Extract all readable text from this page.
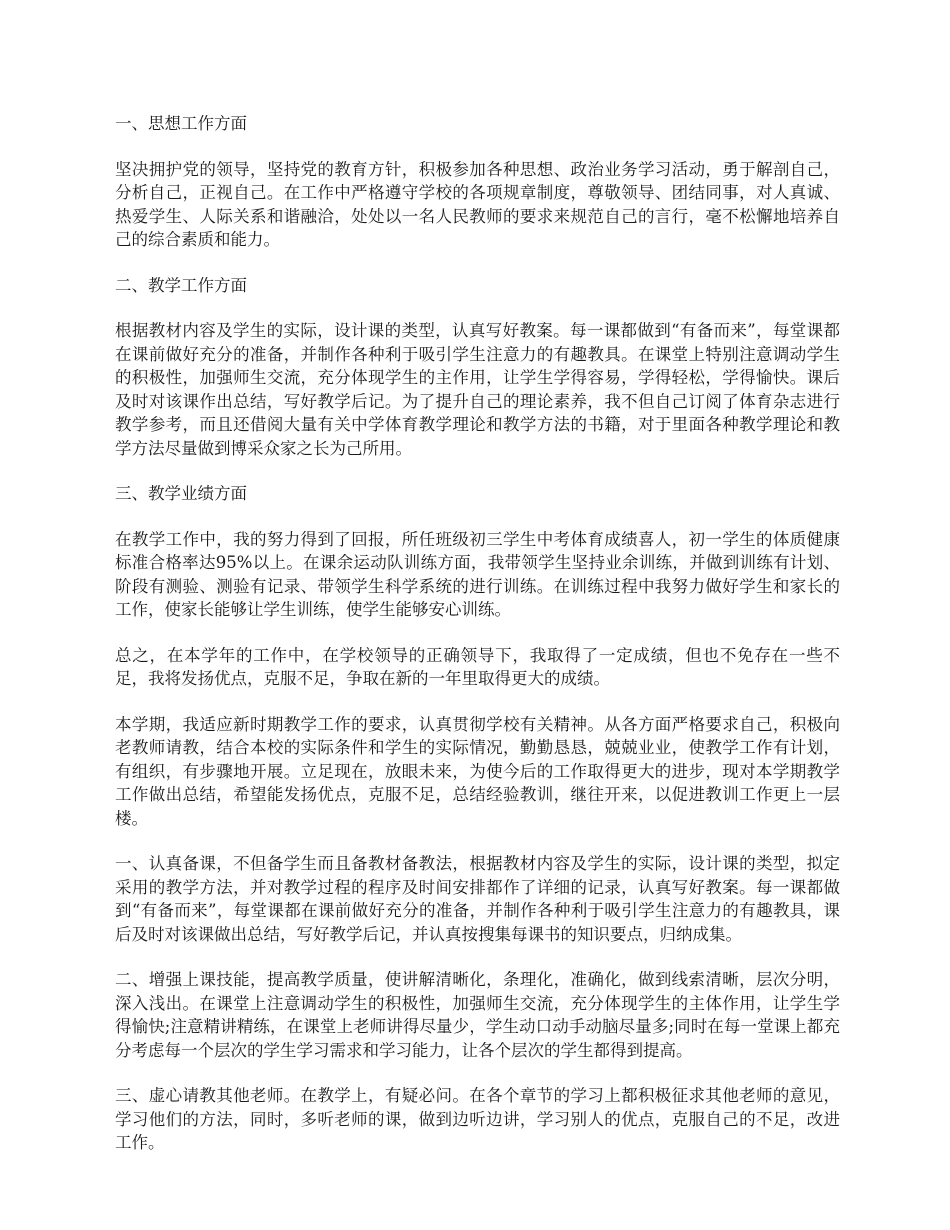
一、思想工作方面

坚决拥护党的领导，坚持党的教育方针，积极参加各种思想、政治业务学习活动，勇于解剖自己，分析自己，正视自己。在工作中严格遵守学校的各项规章制度，尊敬领导、团结同事，对人真诚、热爱学生、人际关系和谐融洽，处处以一名人民教师的要求来规范自己的言行，毫不松懈地培养自己的综合素质和能力。

二、教学工作方面

根据教材内容及学生的实际，设计课的类型，认真写好教案。每一课都做到“有备而来”，每堂课都在课前做好充分的准备，并制作各种利于吸引学生注意力的有趣教具。在课堂上特别注意调动学生的积极性，加强师生交流，充分体现学生的主作用，让学生学得容易，学得轻松，学得愉快。课后及时对该课作出总结，写好教学后记。为了提升自己的理论素养，我不但自己订阅了体育杂志进行教学参考，而且还借阅大量有关中学体育教学理论和教学方法的书籍，对于里面各种教学理论和教学方法尽量做到博采众家之长为己所用。

三、教学业绩方面

在教学工作中，我的努力得到了回报，所任班级初三学生中考体育成绩喜人，初一学生的体质健康标准合格率达95%以上。在课余运动队训练方面，我带领学生坚持业余训练，并做到训练有计划、阶段有测验、测验有记录、带领学生科学系统的进行训练。在训练过程中我努力做好学生和家长的工作，使家长能够让学生训练，使学生能够安心训练。

总之，在本学年的工作中，在学校领导的正确领导下，我取得了一定成绩，但也不免存在一些不足，我将发扬优点，克服不足，争取在新的一年里取得更大的成绩。

本学期，我适应新时期教学工作的要求，认真贯彻学校有关精神。从各方面严格要求自己，积极向老教师请教，结合本校的实际条件和学生的实际情况，勤勤恳恳，兢兢业业，使教学工作有计划，有组织，有步骤地开展。立足现在，放眼未来，为使今后的工作取得更大的进步，现对本学期教学工作做出总结，希望能发扬优点，克服不足，总结经验教训，继往开来，以促进教训工作更上一层楼。

一、认真备课，不但备学生而且备教材备教法，根据教材内容及学生的实际，设计课的类型，拟定采用的教学方法，并对教学过程的程序及时间安排都作了详细的记录，认真写好教案。每一课都做到“有备而来”，每堂课都在课前做好充分的准备，并制作各种利于吸引学生注意力的有趣教具，课后及时对该课做出总结，写好教学后记，并认真按搜集每课书的知识要点，归纳成集。

二、增强上课技能，提高教学质量，使讲解清晰化，条理化，准确化，做到线索清晰，层次分明，深入浅出。在课堂上注意调动学生的积极性，加强师生交流，充分体现学生的主体作用，让学生学得愉快;注意精讲精练，在课堂上老师讲得尽量少，学生动口动手动脑尽量多;同时在每一堂课上都充分考虑每一个层次的学生学习需求和学习能力，让各个层次的学生都得到提高。

三、虚心请教其他老师。在教学上，有疑必问。在各个章节的学习上都积极征求其他老师的意见，学习他们的方法，同时，多听老师的课，做到边听边讲，学习别人的优点，克服自己的不足，改进工作。
